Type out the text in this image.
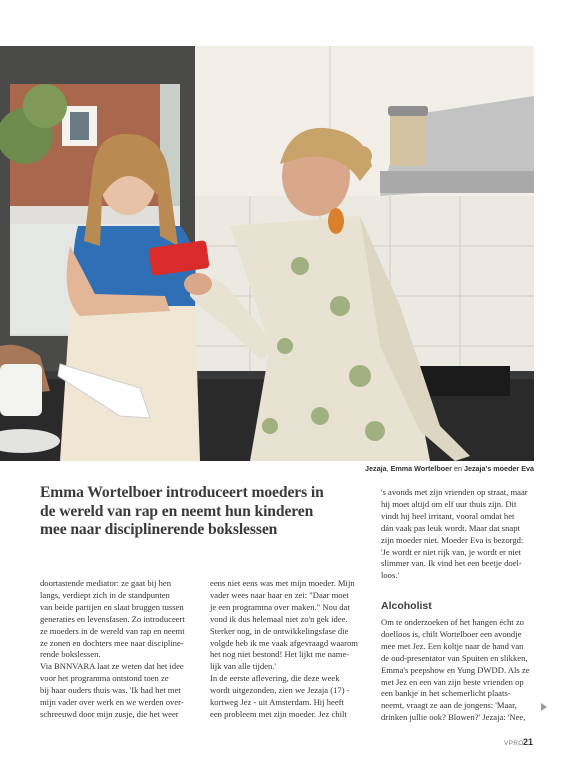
Jezaja, Emma Wortelboer en Jezaja's moeder Eva
Emma Wortelboer introduceert moeders in de wereld van rap en neemt hun kinderen mee naar disciplinerende bokslessen

doortastende mediator: ze gaat bij hen

langs, verdiept zich in de standpunten

van beide partijen en slaat bruggen tussen

generaties en levensfasen. Zo introduceert

ze moeders in de wereld van rap en neemt

ze zonen en dochters mee naar discipline-

rende bokslessen.

Via BNNVARA laat ze weten dat het idee

voor het programma ontstond toen ze

bij haar ouders thuis was. 'Ik had het met

mijn vader over werk en we werden over-

schreeuwd door mijn zusje, die het weer

eens niet eens was met mijn moeder. Mijn

vader wees naar haar en zei: "Daar moet

je een programma over maken." Nou dat

vond ik dus helemaal niet zo'n gek idee.

Sterker nog, in de ontwikkelingsfase die

volgde heb ik me vaak afgevraagd waarom

het nog niet bestond! Het lijkt me name-

lijk van alle tijden.'

In de eerste aflevering, die deze week

wordt uitgezonden, zien we Jezaja (17) -

kortweg Jez - uit Amsterdam. Hij heeft

een probleem met zijn moeder. Jez chilt

's avonds met zijn vrienden op straat, maar

hij moet altijd om elf uur thuis zijn. Dit

vindt hij heel irritant, vooral omdat het

dán vaak pas leuk wordt. Maar dat snapt

zijn moeder niet. Moeder Eva is bezorgd:

'Je wordt er niet rijk van, je wordt er niet

slimmer van. Ik vind het een beetje doel-

loos.'

Alcoholist

Om te onderzoeken of het hangen écht zo

doelloos is, chilt Wortelboer een avondje

mee met Jez. Een koltje naar de hand van

de oud-presentator van Spuiten en slikken,

Emma's peepshow en Yung DWDD. Als ze

met Jez en een van zijn beste vrienden op

een bankje in het schemerlicht plaats-

neemt, vraagt ze aan de jongens: 'Maar,

drinken jullie ook? Blowen?' Jezaja: 'Nee,

VPRO 21
